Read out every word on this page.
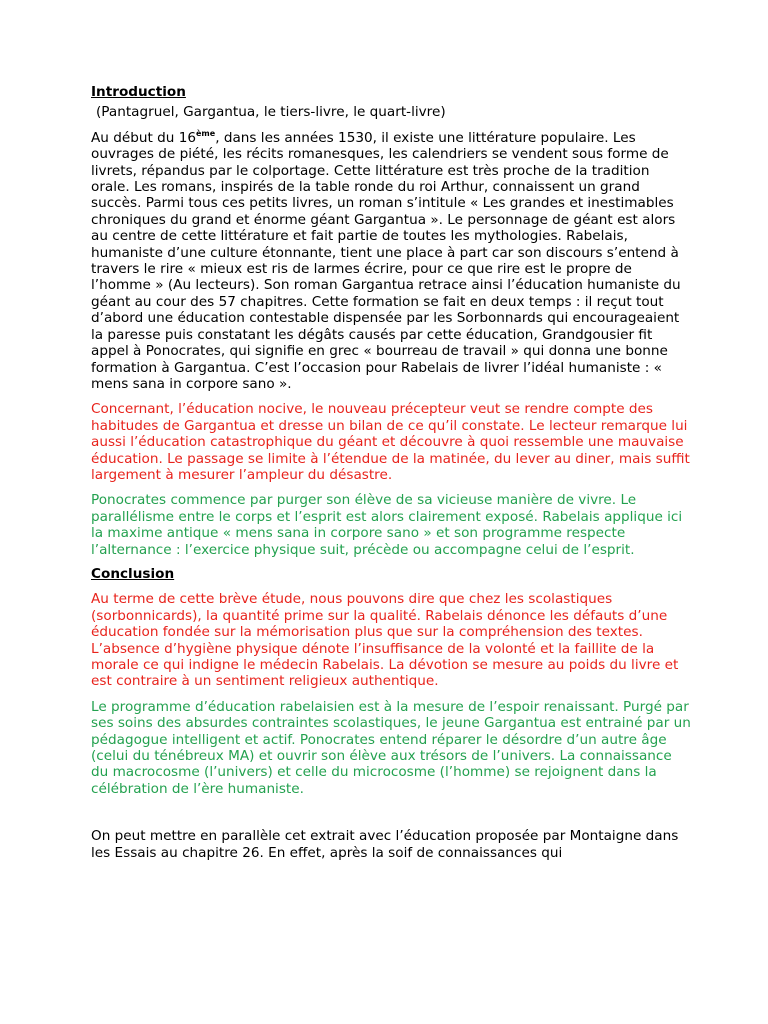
Introduction

(Pantagruel, Gargantua, le tiers-livre, le quart-livre)

Au début du 16ème, dans les années 1530, il existe une littérature populaire. Les ouvrages de piété, les récits romanesques, les calendriers se vendent sous forme de livrets, répandus par le colportage. Cette littérature est très proche de la tradition orale. Les romans, inspirés de la table ronde du roi Arthur, connaissent un grand succès. Parmi tous ces petits livres, un roman s’intitule « Les grandes et inestimables chroniques du grand et énorme géant Gargantua ». Le personnage de géant est alors au centre de cette littérature et fait partie de toutes les mythologies. Rabelais, humaniste d’une culture étonnante, tient une place à part car son discours s’entend à travers le rire « mieux est ris de larmes écrire, pour ce que rire est le propre de l’homme » (Au lecteurs). Son roman Gargantua retrace ainsi l’éducation humaniste du géant au cour des 57 chapitres. Cette formation se fait en deux temps : il reçut tout d’abord une éducation contestable dispensée par les Sorbonnards qui encourageaient la paresse puis constatant les dégâts causés par cette éducation, Grandgousier fit appel à Ponocrates, qui signifie en grec « bourreau de travail » qui donna une bonne formation à Gargantua. C’est l’occasion pour Rabelais de livrer l’idéal humaniste : « mens sana in corpore sano ».

Concernant, l’éducation nocive, le nouveau précepteur veut se rendre compte des habitudes de Gargantua et dresse un bilan de ce qu’il constate. Le lecteur remarque lui aussi l’éducation catastrophique du géant et découvre à quoi ressemble une mauvaise éducation. Le passage se limite à l’étendue de la matinée, du lever au diner, mais suffit largement à mesurer l’ampleur du désastre.

Ponocrates commence par purger son élève de sa vicieuse manière de vivre. Le parallélisme entre le corps et l’esprit est alors clairement exposé. Rabelais applique ici la maxime antique « mens sana in corpore sano » et son programme respecte l’alternance : l’exercice physique suit, précède ou accompagne celui de l’esprit.

Conclusion

Au terme de cette brève étude, nous pouvons dire que chez les scolastiques (sorbonnicards), la quantité prime sur la qualité. Rabelais dénonce les défauts d’une éducation fondée sur la mémorisation plus que sur la compréhension des textes. L’absence d’hygiène physique dénote l’insuffisance de la volonté et la faillite de la morale ce qui indigne le médecin Rabelais. La dévotion se mesure au poids du livre et est contraire à un sentiment religieux authentique.

Le programme d’éducation rabelaisien est à la mesure de l’espoir renaissant. Purgé par ses soins des absurdes contraintes scolastiques, le jeune Gargantua est entrainé par un pédagogue intelligent et actif. Ponocrates entend réparer le désordre d’un autre âge (celui du ténébreux MA) et ouvrir son élève aux trésors de l’univers. La connaissance du macrocosme (l’univers) et celle du microcosme (l’homme) se rejoignent dans la célébration de l’ère humaniste.

On peut mettre en parallèle cet extrait avec l’éducation proposée par Montaigne dans les Essais au chapitre 26. En effet, après la soif de connaissances qui
